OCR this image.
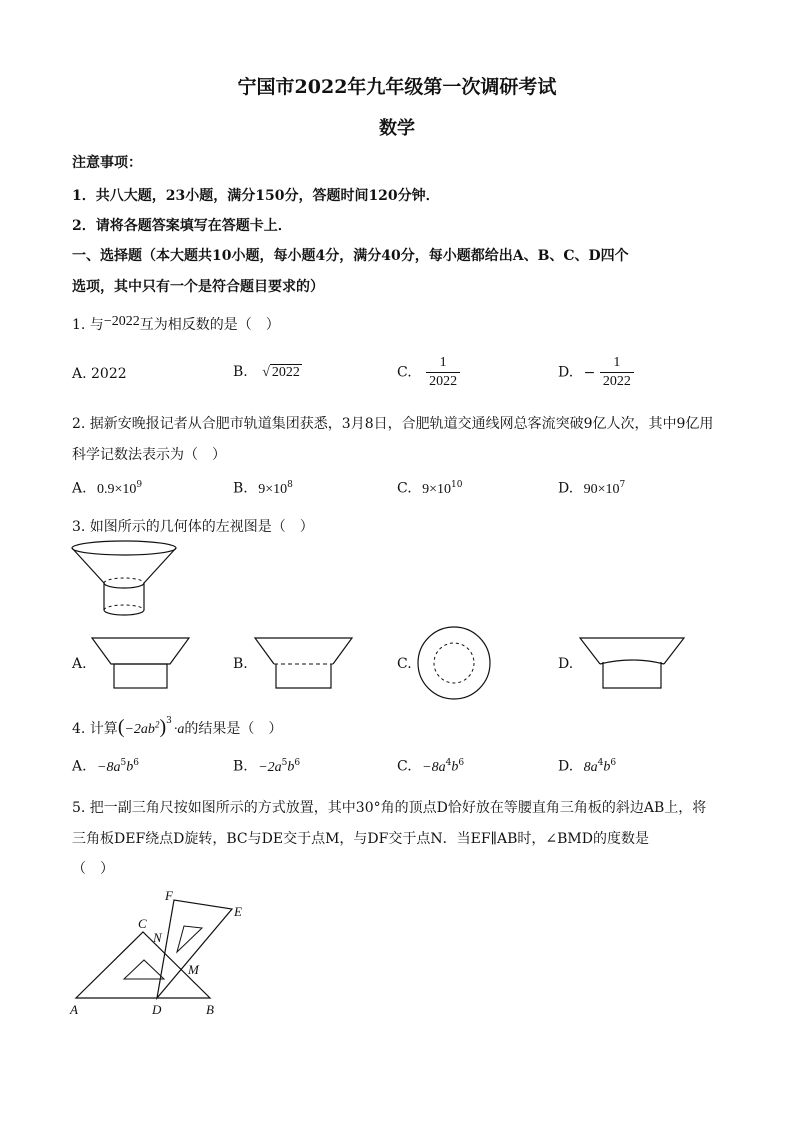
宁国市2022年九年级第一次调研考试
数学
注意事项：
1．共八大题，23小题，满分150分，答题时间120分钟．
2．请将各题答案填写在答题卡上．
一、选择题（本大题共10小题，每小题4分，满分40分，每小题都给出A、B、C、D四个
选项，其中只有一个是符合题目要求的）
1. 与−2022互为相反数的是（　）
A. 2022	B. √ 2022	C. $\frac{1}{2022}$	D. − $\frac{1}{2022}$
2. 据新安晚报记者从合肥市轨道集团获悉，3月8日，合肥轨道交通线网总客流突破9亿人次，其中9亿用
科学记数法表示为（　）
A. $0.9\times 10^9$	B. $9\times 10^8$	C. $9\times 10^{10}$	D. $90\times 10^7$
3. 如图所示的几何体的左视图是（　）
A.	B.	C.	D.
4. 计算$(-2ab^2)^3\cdot a$的结果是（　）
A. $-8a^5b^6$	B. $-2a^5b^6$	C. $-8a^4b^6$	D. $8a^4b^6$
5. 把一副三角尺按如图所示的方式放置，其中30°角的顶点D恰好放在等腰直角三角板的斜边AB上，将
三角板DEF绕点D旋转，BC与DE交于点M，与DF交于点N．当EF∥AB时，∠BMD的度数是
（　）
A	B
C
D
E
F
M
N
